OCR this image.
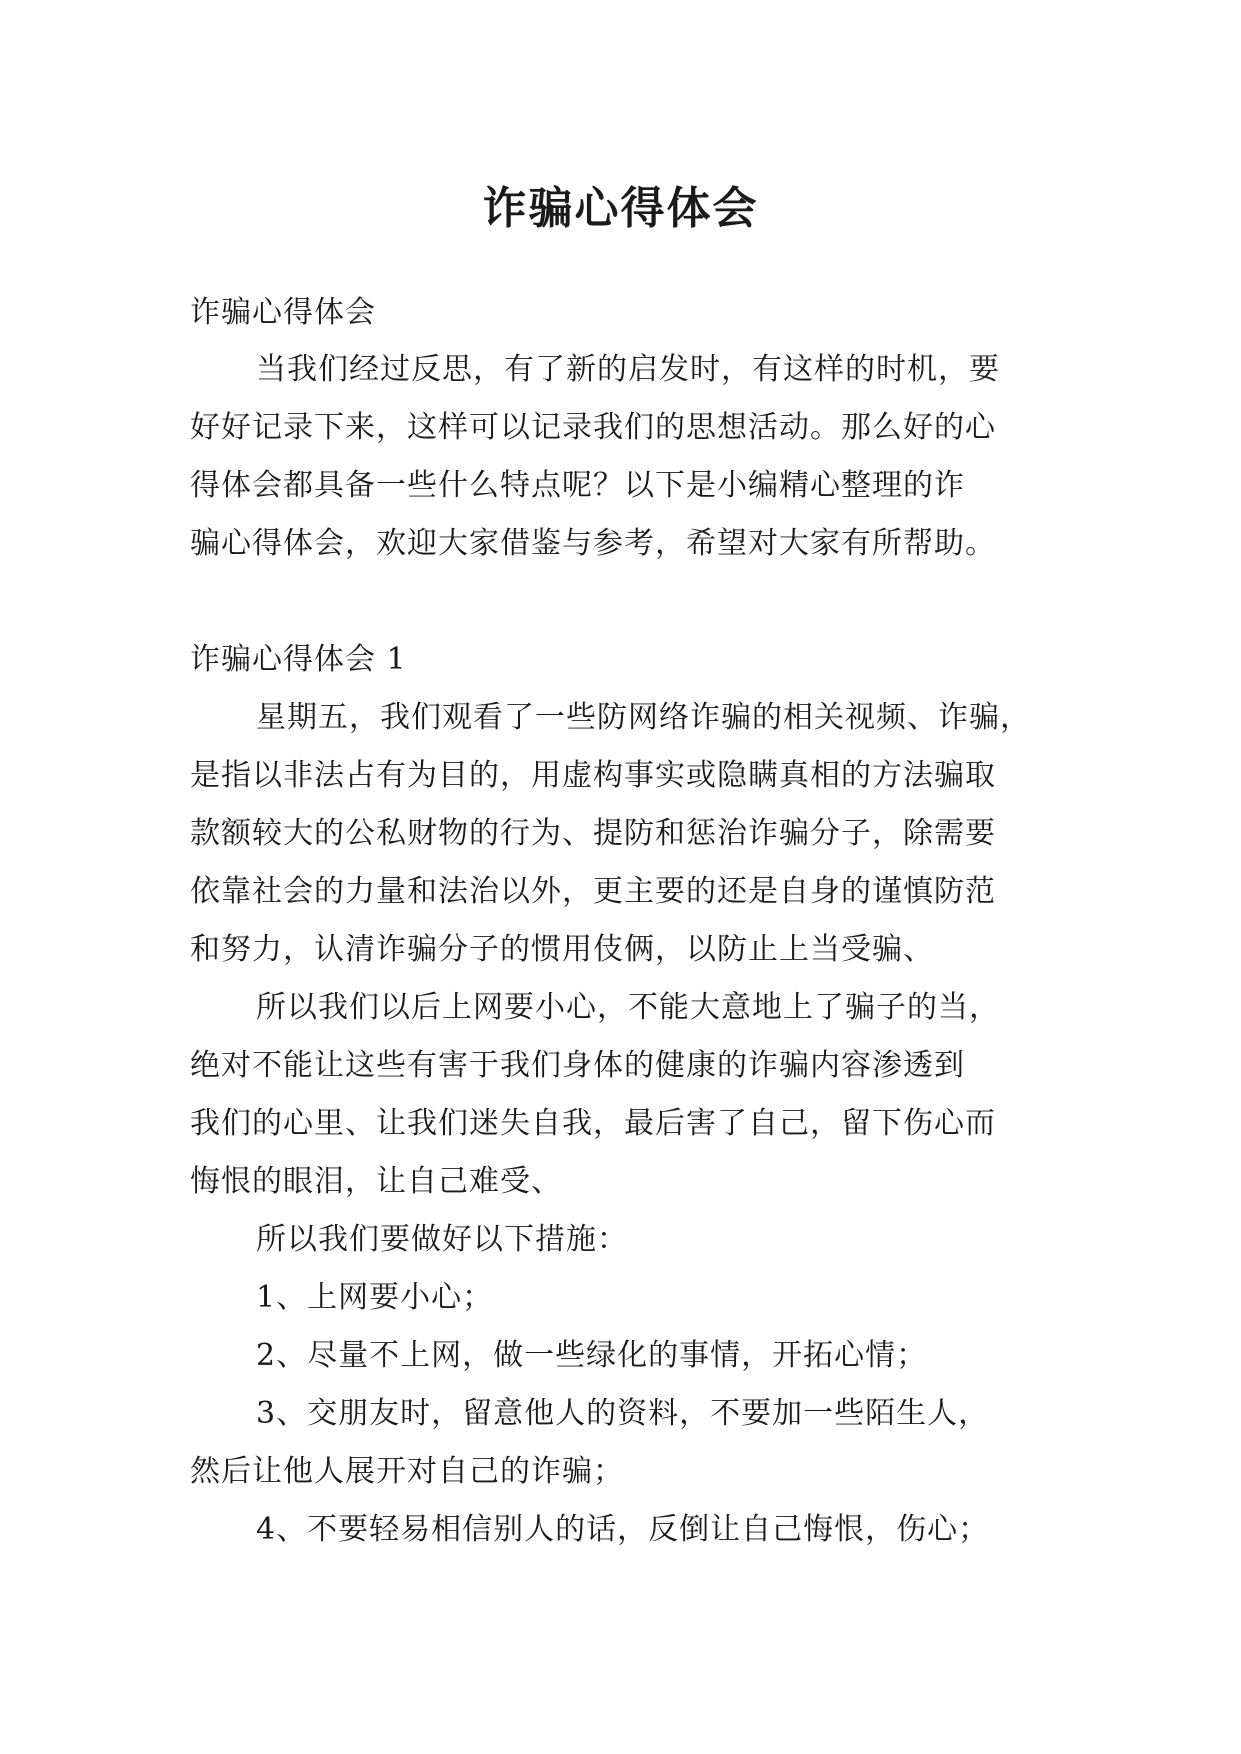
诈骗心得体会

诈骗心得体会

当我们经过反思，有了新的启发时，有这样的时机，要

好好记录下来，这样可以记录我们的思想活动。那么好的心

得体会都具备一些什么特点呢？以下是小编精心整理的诈

骗心得体会，欢迎大家借鉴与参考，希望对大家有所帮助。

诈骗心得体会 1

星期五，我们观看了一些防网络诈骗的相关视频、诈骗，

是指以非法占有为目的，用虚构事实或隐瞒真相的方法骗取

款额较大的公私财物的行为、提防和惩治诈骗分子，除需要

依靠社会的力量和法治以外，更主要的还是自身的谨慎防范

和努力，认清诈骗分子的惯用伎俩，以防止上当受骗、

所以我们以后上网要小心，不能大意地上了骗子的当，

绝对不能让这些有害于我们身体的健康的诈骗内容渗透到

我们的心里、让我们迷失自我，最后害了自己，留下伤心而

悔恨的眼泪，让自己难受、

所以我们要做好以下措施：

1、上网要小心；

2、尽量不上网，做一些绿化的事情，开拓心情；

3、交朋友时，留意他人的资料，不要加一些陌生人，

然后让他人展开对自己的诈骗；

4、不要轻易相信别人的话，反倒让自己悔恨，伤心；
